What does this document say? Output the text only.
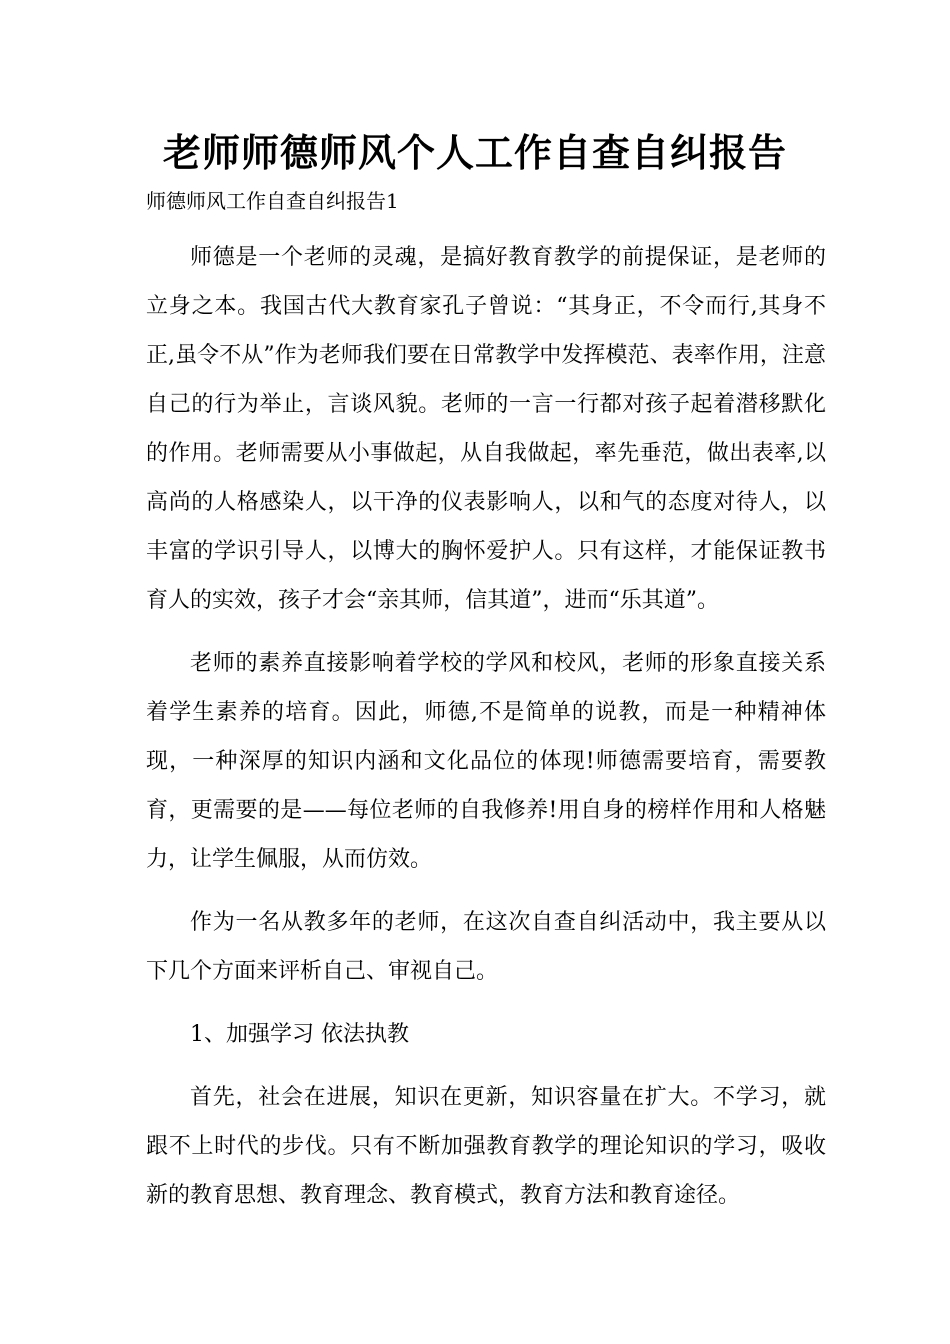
老师师德师风个人工作自查自纠报告
师德师风工作自查自纠报告1

师德是一个老师的灵魂，是搞好教育教学的前提保证，是老师的立身之本。我国古代大教育家孔子曾说：“其身正，不令而行,其身不正,虽令不从”作为老师我们要在日常教学中发挥模范、表率作用，注意自己的行为举止，言谈风貌。老师的一言一行都对孩子起着潜移默化的作用。老师需要从小事做起，从自我做起，率先垂范，做出表率,以高尚的人格感染人，以干净的仪表影响人，以和气的态度对待人，以丰富的学识引导人，以博大的胸怀爱护人。只有这样，才能保证教书育人的实效，孩子才会“亲其师，信其道”，进而“乐其道”。

老师的素养直接影响着学校的学风和校风，老师的形象直接关系着学生素养的培育。因此，师德,不是简单的说教，而是一种精神体现，一种深厚的知识内涵和文化品位的体现!师德需要培育，需要教育，更需要的是——每位老师的自我修养!用自身的榜样作用和人格魅力，让学生佩服，从而仿效。

作为一名从教多年的老师，在这次自查自纠活动中，我主要从以下几个方面来评析自己、审视自己。

1、加强学习 依法执教

首先，社会在进展，知识在更新，知识容量在扩大。不学习，就跟不上时代的步伐。只有不断加强教育教学的理论知识的学习，吸收新的教育思想、教育理念、教育模式，教育方法和教育途径。
